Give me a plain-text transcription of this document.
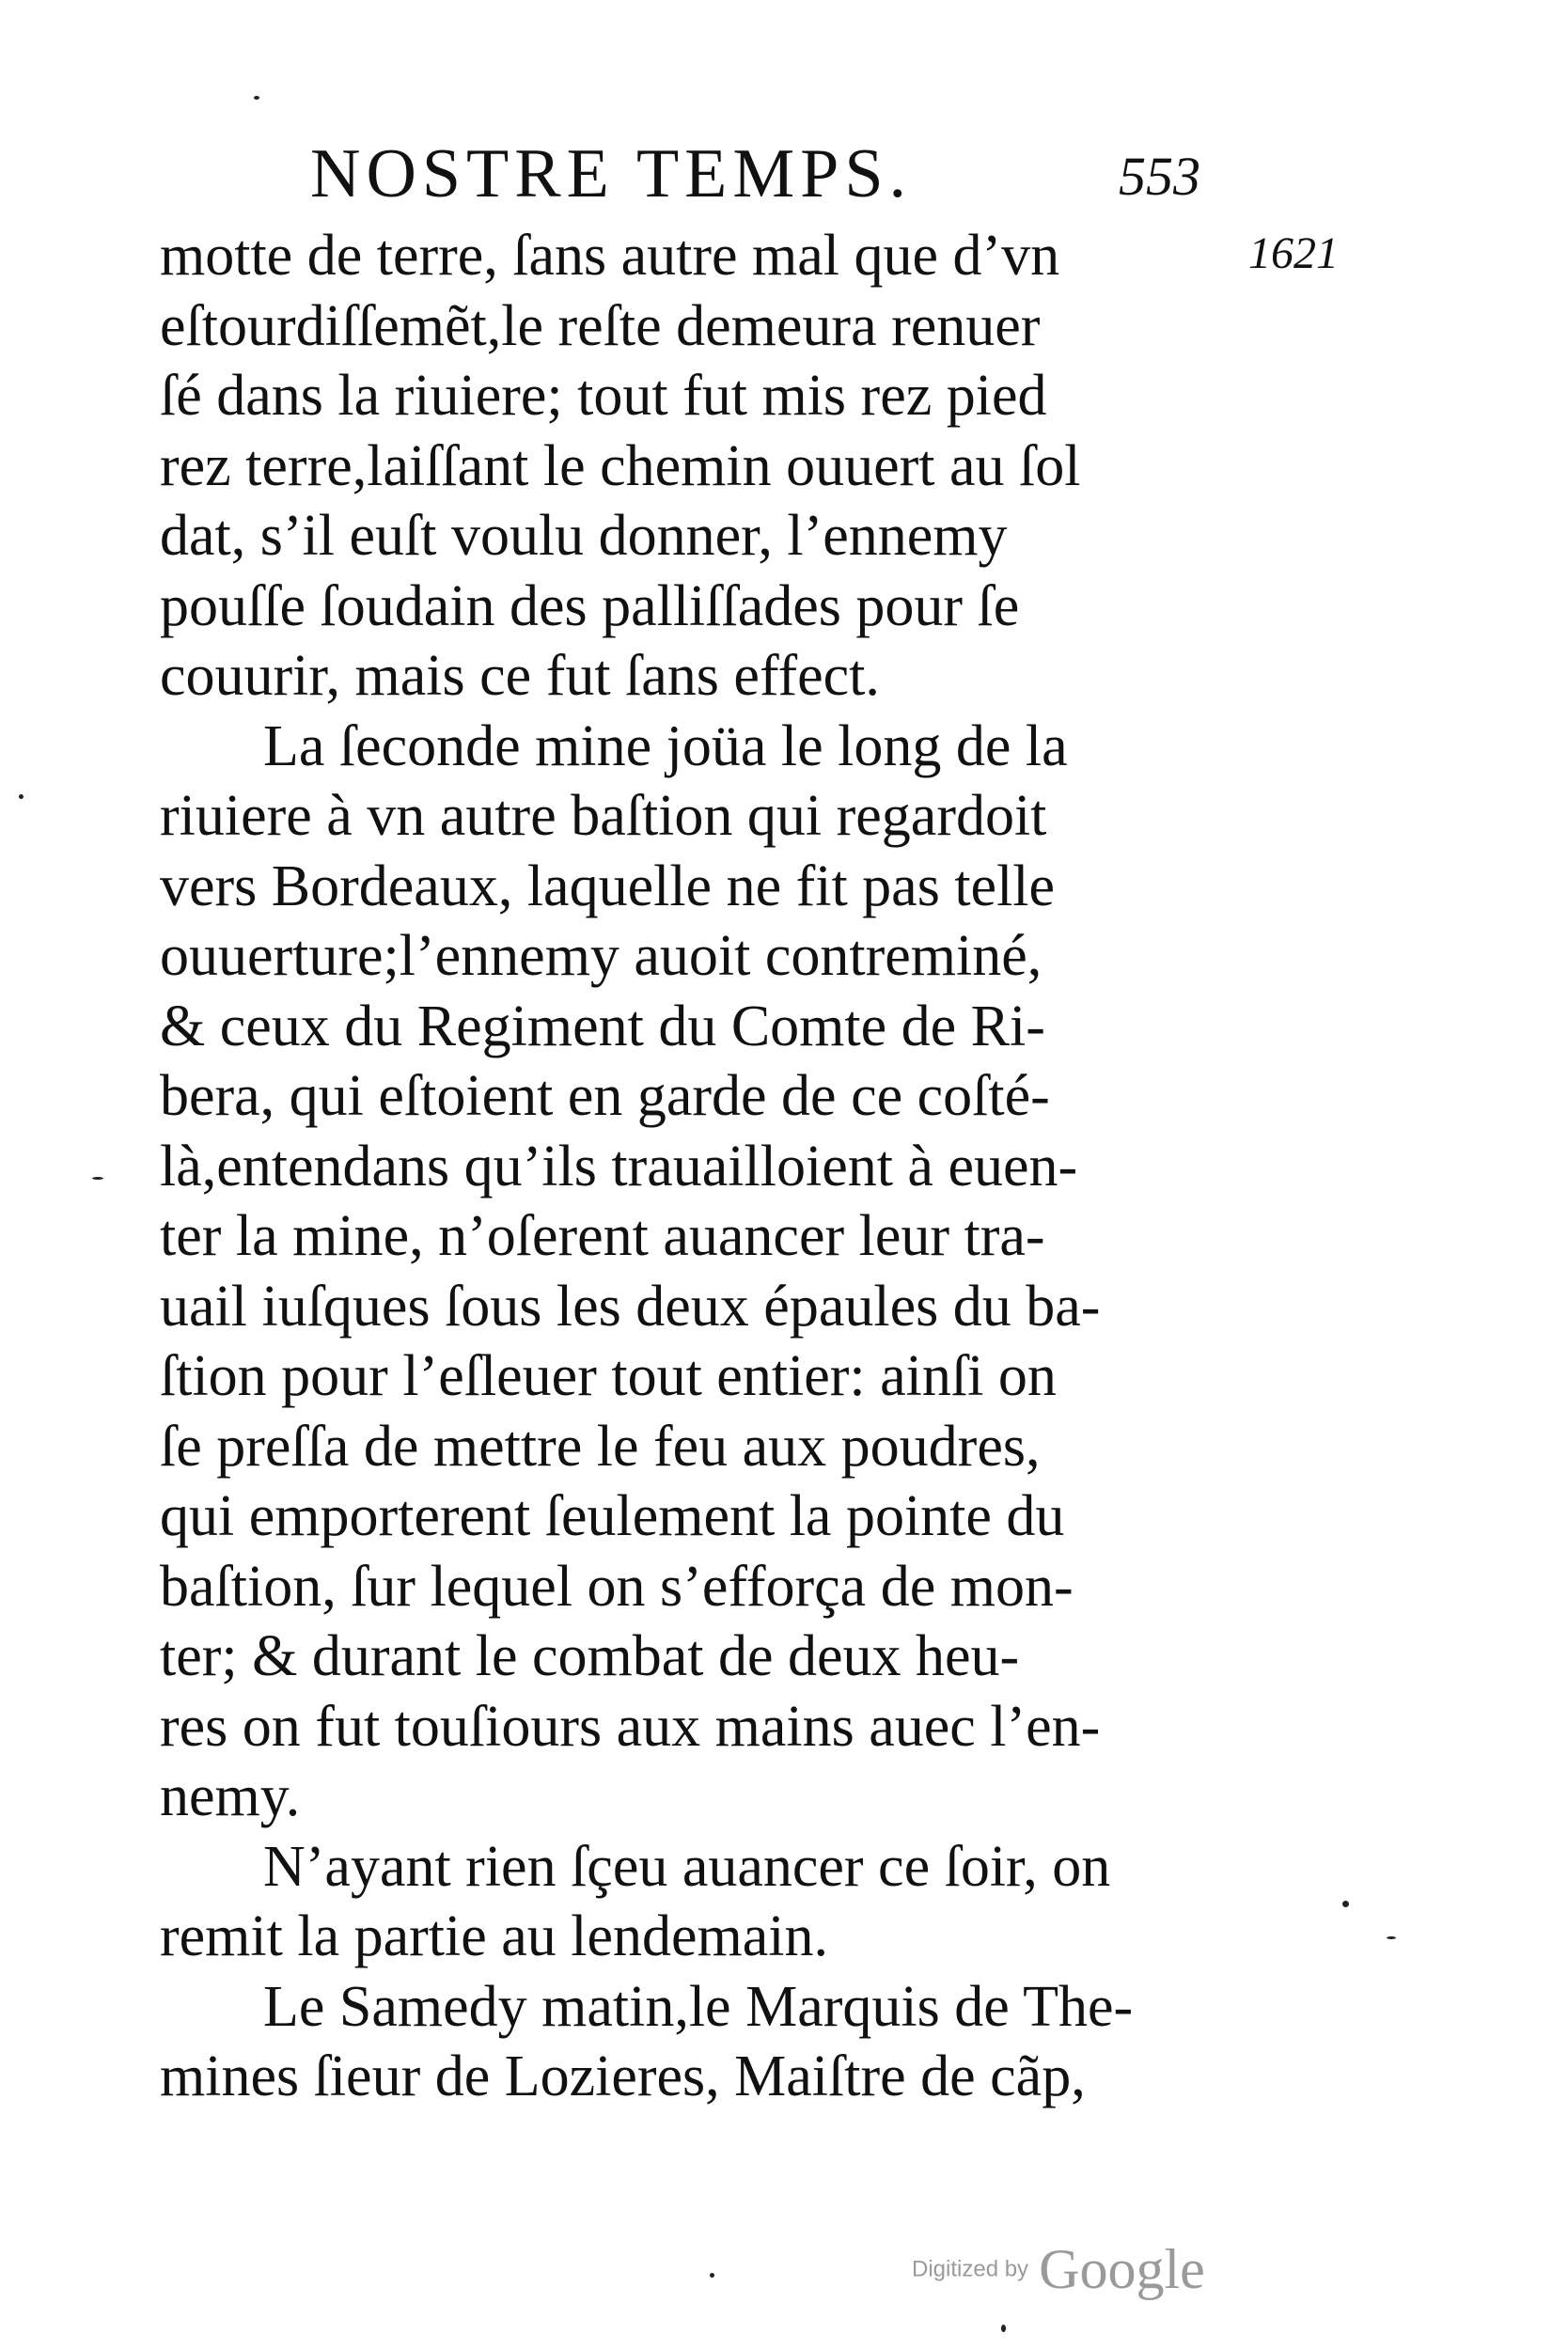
NOSTRE TEMPS.	553
1621
motte de terre, ſans autre mal que d’vn
eſtourdiſſemẽt,le reſte demeura renuer
ſé dans la riuiere; tout fut mis rez pied
rez terre,laiſſant le chemin ouuert au ſol
dat, s’il euſt voulu donner, l’ennemy
pouſſe ſoudain des palliſſades pour ſe
couurir, mais ce fut ſans effect.
La ſeconde mine joüa le long de la
riuiere à vn autre baſtion qui regardoit
vers Bordeaux, laquelle ne fit pas telle
ouuerture;l’ennemy auoit contreminé,
& ceux du Regiment du Comte de Ri-
bera, qui eſtoient en garde de ce coſté-
là,entendans qu’ils trauailloient à euen-
ter la mine, n’oſerent auancer leur tra-
uail iuſques ſous les deux épaules du ba-
ſtion pour l’eſleuer tout entier: ainſi on
ſe preſſa de mettre le feu aux poudres,
qui emporterent ſeulement la pointe du
baſtion, ſur lequel on s’efforça de mon-
ter; & durant le combat de deux heu-
res on fut touſiours aux mains auec l’en-
nemy.
N’ayant rien ſçeu auancer ce ſoir, on
remit la partie au lendemain.
Le Samedy matin,le Marquis de The-
mines ſieur de Lozieres, Maiſtre de cãp,
Digitized by Google
